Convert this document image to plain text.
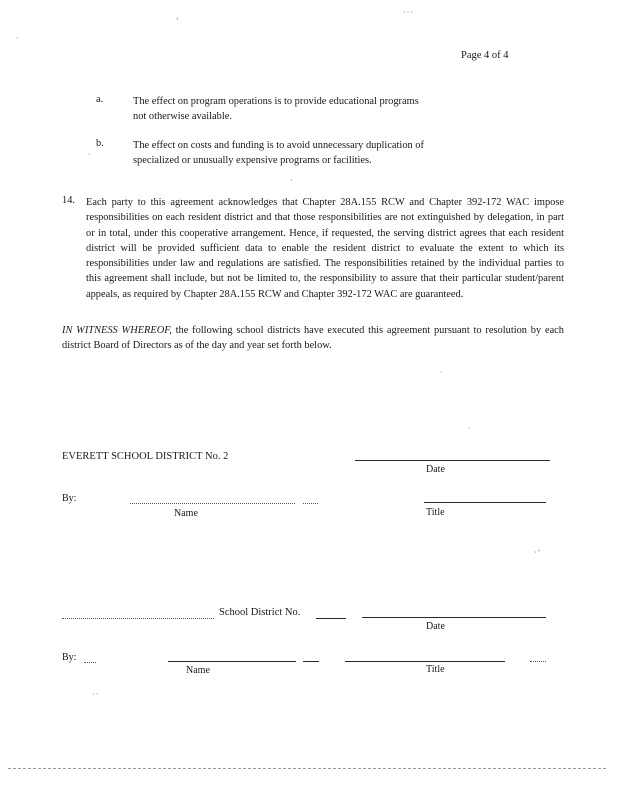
Page 4 of 4
a.	The effect on program operations is to provide educational programs not otherwise available.
b.	The effect on costs and funding is to avoid unnecessary duplication of specialized or unusually expensive programs or facilities.
14. Each party to this agreement acknowledges that Chapter 28A.155 RCW and Chapter 392-172 WAC impose responsibilities on each resident district and that those responsibilities are not extinguished by delegation, in part or in total, under this cooperative arrangement. Hence, if requested, the serving district agrees that each resident district will be provided sufficient data to enable the resident district to evaluate the extent to which its responsibilities under law and regulations are satisfied. The responsibilities retained by the individual parties to this agreement shall include, but not be limited to, the responsibility to assure that their particular student/parent appeals, as required by Chapter 28A.155 RCW and Chapter 392-172 WAC are guaranteed.
IN WITNESS WHEREOF, the following school districts have executed this agreement pursuant to resolution by each district Board of Directors as of the day and year set forth below.
EVERETT SCHOOL DISTRICT No. 2
Date
By:
Name	Title
School District No.
Date
By:
Name	Title
‘
···
·
·
·
·
·
·’
··
